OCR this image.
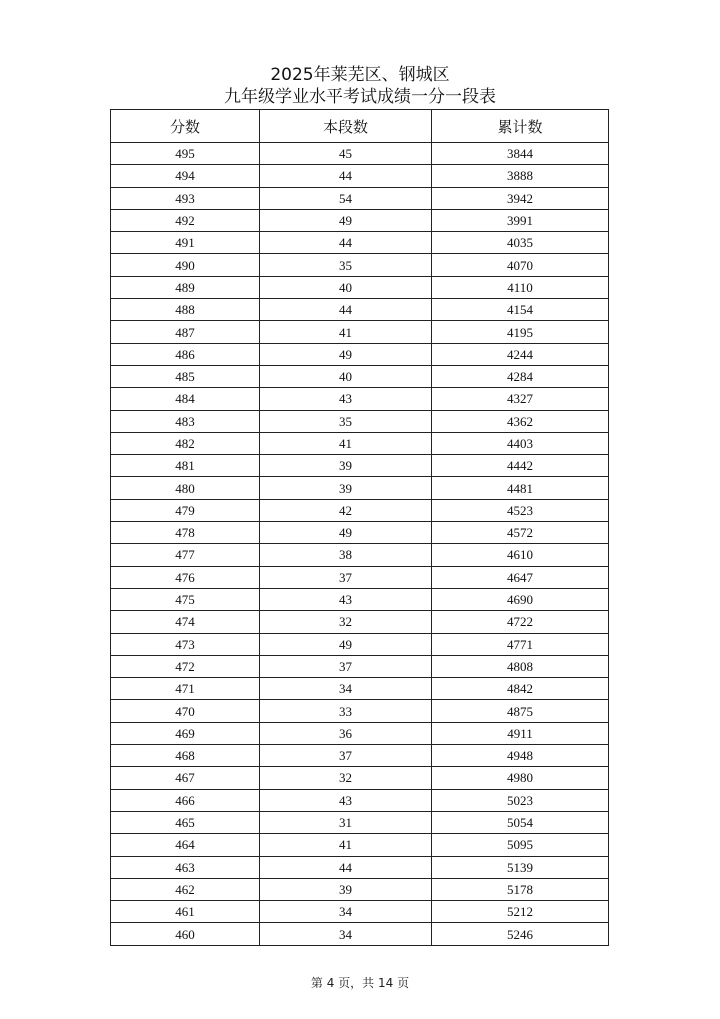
2025年莱芜区、钢城区
九年级学业水平考试成绩一分一段表
分数	本段数	累计数
495	45	3844
494	44	3888
493	54	3942
492	49	3991
491	44	4035
490	35	4070
489	40	4110
488	44	4154
487	41	4195
486	49	4244
485	40	4284
484	43	4327
483	35	4362
482	41	4403
481	39	4442
480	39	4481
479	42	4523
478	49	4572
477	38	4610
476	37	4647
475	43	4690
474	32	4722
473	49	4771
472	37	4808
471	34	4842
470	33	4875
469	36	4911
468	37	4948
467	32	4980
466	43	5023
465	31	5054
464	41	5095
463	44	5139
462	39	5178
461	34	5212
460	34	5246
第 4 页，共 14 页
